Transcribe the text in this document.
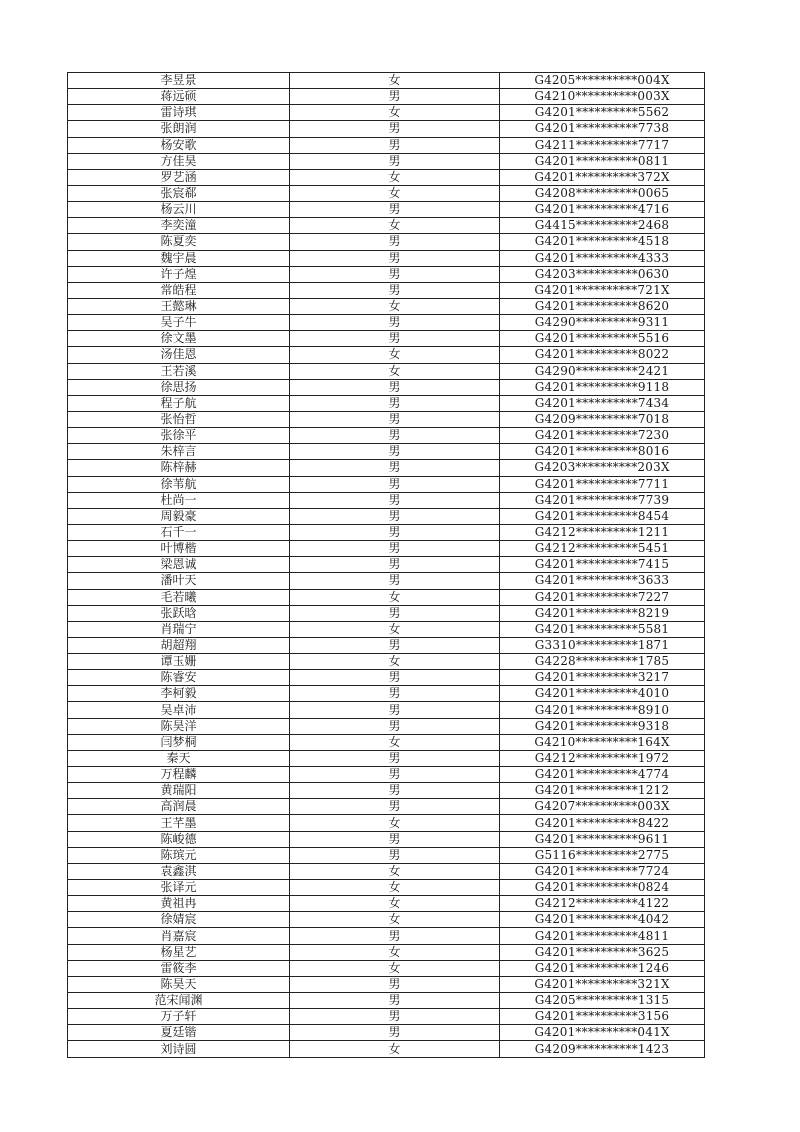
李昱景	女	G4205**********004X
蒋远硕	男	G4210**********003X
雷诗琪	女	G4201**********5562
张朗润	男	G4201**********7738
杨安歌	男	G4211**********7717
方佳昊	男	G4201**********0811
罗艺涵	女	G4201**********372X
张宸郗	女	G4208**********0065
杨云川	男	G4201**********4716
李奕潼	女	G4415**********2468
陈夏奕	男	G4201**********4518
魏宇晨	男	G4201**********4333
许子煌	男	G4203**********0630
常皓程	男	G4201**********721X
王懿琳	女	G4201**********8620
吴子牛	男	G4290**********9311
徐文墨	男	G4201**********5516
汤佳恩	女	G4201**********8022
王若溪	女	G4290**********2421
徐思扬	男	G4201**********9118
程子航	男	G4201**********7434
张怡哲	男	G4209**********7018
张徐平	男	G4201**********7230
朱梓言	男	G4201**********8016
陈梓赫	男	G4203**********203X
徐苇航	男	G4201**********7711
杜尚一	男	G4201**********7739
周毅豪	男	G4201**********8454
石千一	男	G4212**********1211
叶博楷	男	G4212**********5451
梁恩诚	男	G4201**********7415
潘叶天	男	G4201**********3633
毛若曦	女	G4201**********7227
张跃晗	男	G4201**********8219
肖瑞宁	女	G4201**********5581
胡超翔	男	G3310**********1871
谭玉姗	女	G4228**********1785
陈睿安	男	G4201**********3217
李柯毅	男	G4201**********4010
吴卓沛	男	G4201**********8910
陈昊洋	男	G4201**********9318
闫梦桐	女	G4210**********164X
秦天	男	G4212**********1972
万程麟	男	G4201**********4774
黄瑞阳	男	G4201**********1212
高润晨	男	G4207**********003X
王芊墨	女	G4201**********8422
陈峻德	男	G4201**********9611
陈瑸元	男	G5116**********2775
袁鑫淇	女	G4201**********7724
张译元	女	G4201**********0824
黄祖冉	女	G4212**********4122
徐婧宸	女	G4201**********4042
肖嘉宸	男	G4201**********4811
杨星艺	女	G4201**********3625
雷筱李	女	G4201**********1246
陈昊天	男	G4201**********321X
范宋闻渊	男	G4205**********1315
万子轩	男	G4201**********3156
夏廷锴	男	G4201**********041X
刘诗圆	女	G4209**********1423
